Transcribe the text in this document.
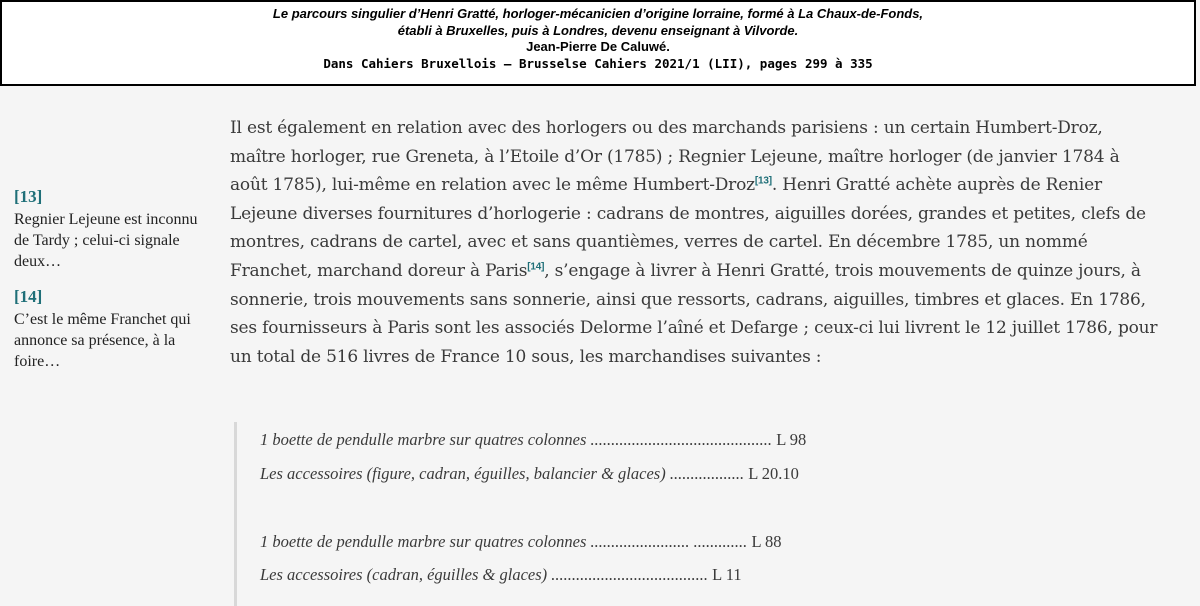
Le parcours singulier d’Henri Gratté, horloger-mécanicien d’origine lorraine, formé à La Chaux-de-Fonds,
établi à Bruxelles, puis à Londres, devenu enseignant à Vilvorde.
Jean-Pierre De Caluwé.
Dans Cahiers Bruxellois – Brusselse Cahiers 2021/1 (LII), pages 299 à 335
[13]
Regnier Lejeune est inconnu de Tardy ; celui-ci signale deux…
[14]
C’est le même Franchet qui annonce sa présence, à la foire…

Il est également en relation avec des horlogers ou des marchands parisiens : un certain Humbert-Droz, maître horloger, rue Greneta, à l’Etoile d’Or (1785) ; Regnier Lejeune, maître horloger (de janvier 1784 à août 1785), lui-même en relation avec le même Humbert-Droz[13]. Henri Gratté achète auprès de Renier Lejeune diverses fournitures d’horlogerie : cadrans de montres, aiguilles dorées, grandes et petites, clefs de montres, cadrans de cartel, avec et sans quantièmes, verres de cartel. En décembre 1785, un nommé Franchet, marchand doreur à Paris[14], s’engage à livrer à Henri Gratté, trois mouvements de quinze jours, à sonnerie, trois mouvements sans sonnerie, ainsi que ressorts, cadrans, aiguilles, timbres et glaces. En 1786, ses fournisseurs à Paris sont les associés Delorme l’aîné et Defarge ; ceux-ci lui livrent le 12 juillet 1786, pour un total de 516 livres de France 10 sous, les marchandises suivantes :

1 boette de pendulle marbre sur quatres colonnes ............................................ L 98
Les accessoires (figure, cadran, éguilles, balancier & glaces) .................. L 20.10
1 boette de pendulle marbre sur quatres colonnes ........................ ............. L 88
Les accessoires (cadran, éguilles & glaces) ...................................... L 11
